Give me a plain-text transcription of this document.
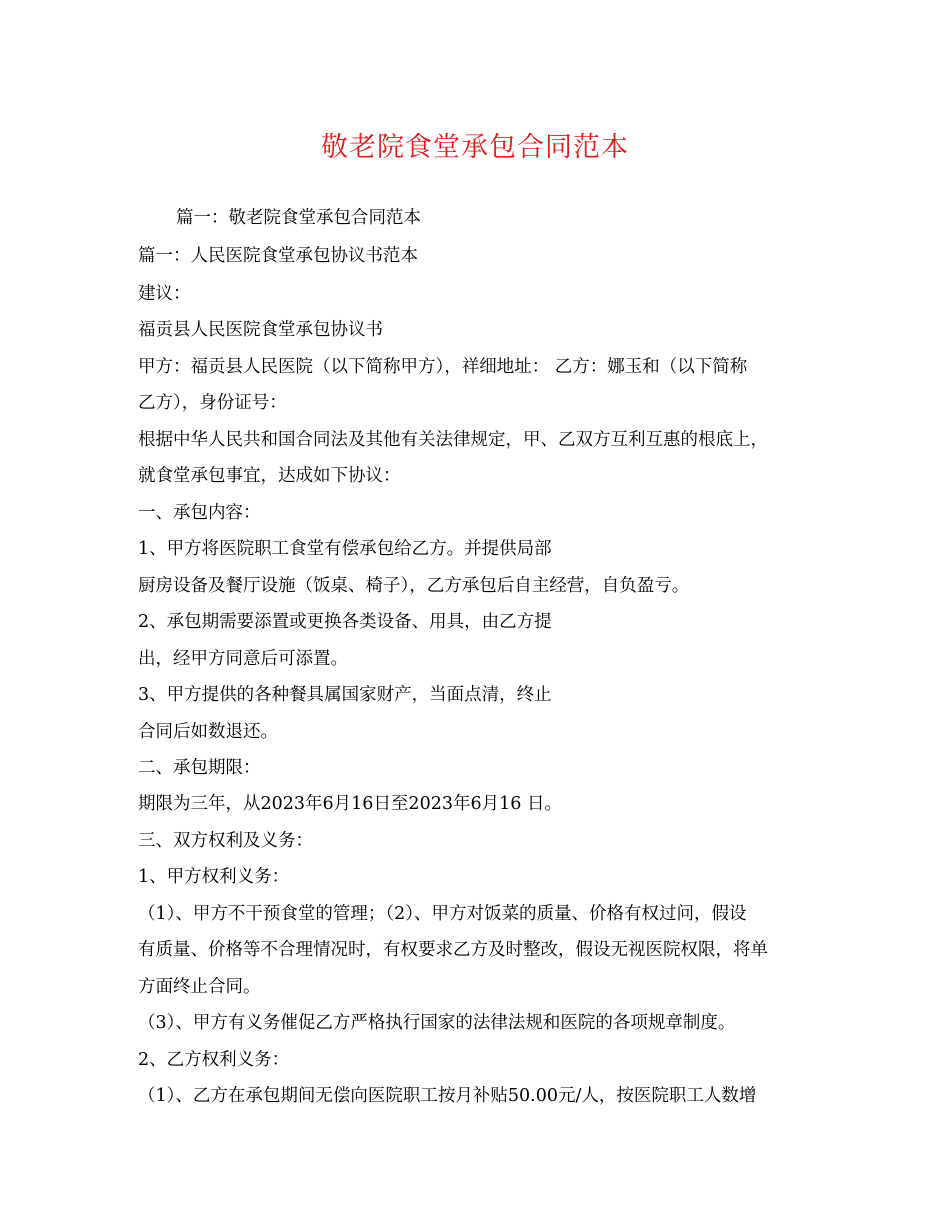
敬老院食堂承包合同范本
篇一：敬老院食堂承包合同范本
篇一：人民医院食堂承包协议书范本
建议：
福贡县人民医院食堂承包协议书
甲方：福贡县人民医院（以下简称甲方），祥细地址： 乙方：娜玉和（以下简称
乙方），身份证号：
根据中华人民共和国合同法及其他有关法律规定，甲、乙双方互利互惠的根底上，
就食堂承包事宜，达成如下协议：
一、承包内容：
1、甲方将医院职工食堂有偿承包给乙方。并提供局部
厨房设备及餐厅设施（饭桌、椅子），乙方承包后自主经营，自负盈亏。
2、承包期需要添置或更换各类设备、用具，由乙方提
出，经甲方同意后可添置。
3、甲方提供的各种餐具属国家财产，当面点清，终止
合同后如数退还。
二、承包期限：
期限为三年，从2023年6月16日至2023年6月16 日。
三、双方权利及义务：
1、甲方权利义务：
（1）、甲方不干预食堂的管理；（2）、甲方对饭菜的质量、价格有权过问，假设
有质量、价格等不合理情况时，有权要求乙方及时整改，假设无视医院权限，将单
方面终止合同。
（3）、甲方有义务催促乙方严格执行国家的法律法规和医院的各项规章制度。
2、乙方权利义务：
（1）、乙方在承包期间无偿向医院职工按月补贴50.00元/人，按医院职工人数增
